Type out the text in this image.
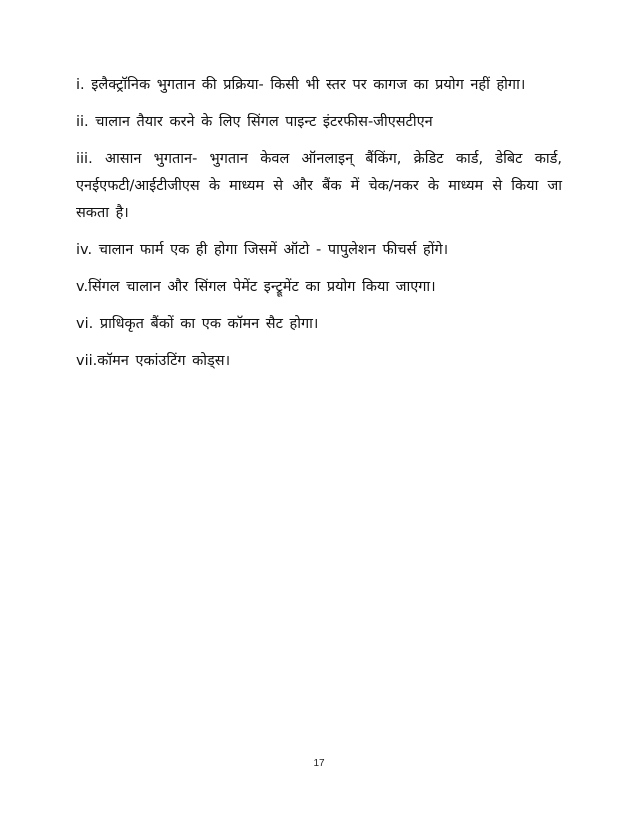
i. इलैक्ट्रॉनिक भुगतान की प्रक्रिया- किसी भी स्तर पर कागज का प्रयोग नहीं होगा।

ii. चालान तैयार करने के लिए सिंगल पाइन्ट इंटरफीस-जीएसटीएन

iii. आसान भुगतान- भुगतान केवल ऑनलाइन् बैंकिंग, क्रेडिट कार्ड, डेबिट कार्ड, एनईएफटी/आईटीजीएस के माध्यम से और बैंक में चेक/नकर के माध्यम से किया जा सकता है।

iv. चालान फार्म एक ही होगा जिसमें ऑटो - पापुलेशन फीचर्स होंगे।

v.सिंगल चालान और सिंगल पेमेंट इन्ट्रूमेंट का प्रयोग किया जाएगा।

vi. प्राधिकृत बैंकों का एक कॉमन सैट होगा।

vii.कॉमन एकांउटिंग कोड्स।

17
